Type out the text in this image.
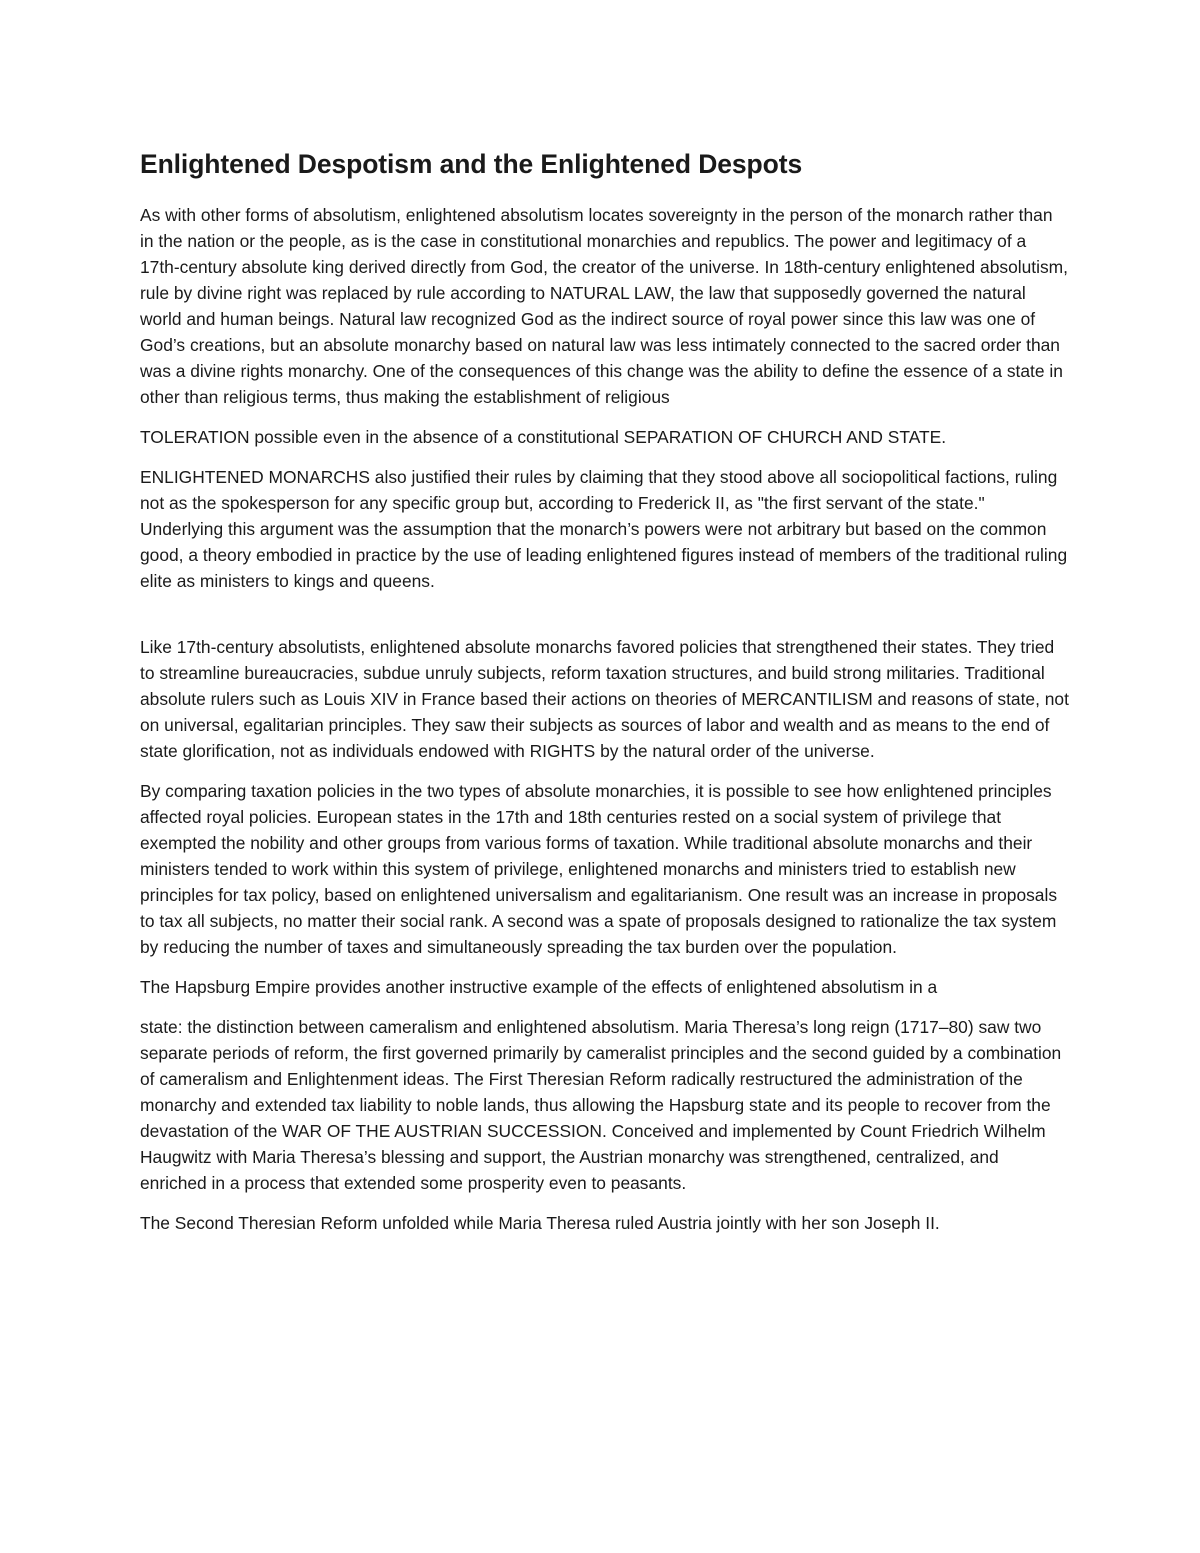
Enlightened Despotism and the Enlightened Despots

As with other forms of absolutism, enlightened absolutism locates sovereignty in the person of the monarch rather than in the nation or the people, as is the case in constitutional monarchies and republics. The power and legitimacy of a 17th-century absolute king derived directly from God, the creator of the universe. In 18th-century enlightened absolutism, rule by divine right was replaced by rule according to NATURAL LAW, the law that supposedly governed the natural world and human beings. Natural law recognized God as the indirect source of royal power since this law was one of God’s creations, but an absolute monarchy based on natural law was less intimately connected to the sacred order than was a divine rights monarchy. One of the consequences of this change was the ability to define the essence of a state in other than religious terms, thus making the establishment of religious

TOLERATION possible even in the absence of a constitutional SEPARATION OF CHURCH AND STATE.

ENLIGHTENED MONARCHS also justified their rules by claiming that they stood above all sociopolitical factions, ruling not as the spokesperson for any specific group but, according to Frederick II, as "the first servant of the state." Underlying this argument was the assumption that the monarch’s powers were not arbitrary but based on the common good, a theory embodied in practice by the use of leading enlightened figures instead of members of the traditional ruling elite as ministers to kings and queens.

Like 17th-century absolutists, enlightened absolute monarchs favored policies that strengthened their states. They tried to streamline bureaucracies, subdue unruly subjects, reform taxation structures, and build strong militaries. Traditional absolute rulers such as Louis XIV in France based their actions on theories of MERCANTILISM and reasons of state, not on universal, egalitarian principles. They saw their subjects as sources of labor and wealth and as means to the end of state glorification, not as individuals endowed with RIGHTS by the natural order of the universe.

By comparing taxation policies in the two types of absolute monarchies, it is possible to see how enlightened principles affected royal policies. European states in the 17th and 18th centuries rested on a social system of privilege that exempted the nobility and other groups from various forms of taxation. While traditional absolute monarchs and their ministers tended to work within this system of privilege, enlightened monarchs and ministers tried to establish new principles for tax policy, based on enlightened universalism and egalitarianism. One result was an increase in proposals to tax all subjects, no matter their social rank. A second was a spate of proposals designed to rationalize the tax system by reducing the number of taxes and simultaneously spreading the tax burden over the population.

The Hapsburg Empire provides another instructive example of the effects of enlightened absolutism in a

state: the distinction between cameralism and enlightened absolutism. Maria Theresa’s long reign (1717–80) saw two separate periods of reform, the first governed primarily by cameralist principles and the second guided by a combination of cameralism and Enlightenment ideas. The First Theresian Reform radically restructured the administration of the monarchy and extended tax liability to noble lands, thus allowing the Hapsburg state and its people to recover from the devastation of the WAR OF THE AUSTRIAN SUCCESSION. Conceived and implemented by Count Friedrich Wilhelm Haugwitz with Maria Theresa’s blessing and support, the Austrian monarchy was strengthened, centralized, and enriched in a process that extended some prosperity even to peasants.

The Second Theresian Reform unfolded while Maria Theresa ruled Austria jointly with her son Joseph II.
